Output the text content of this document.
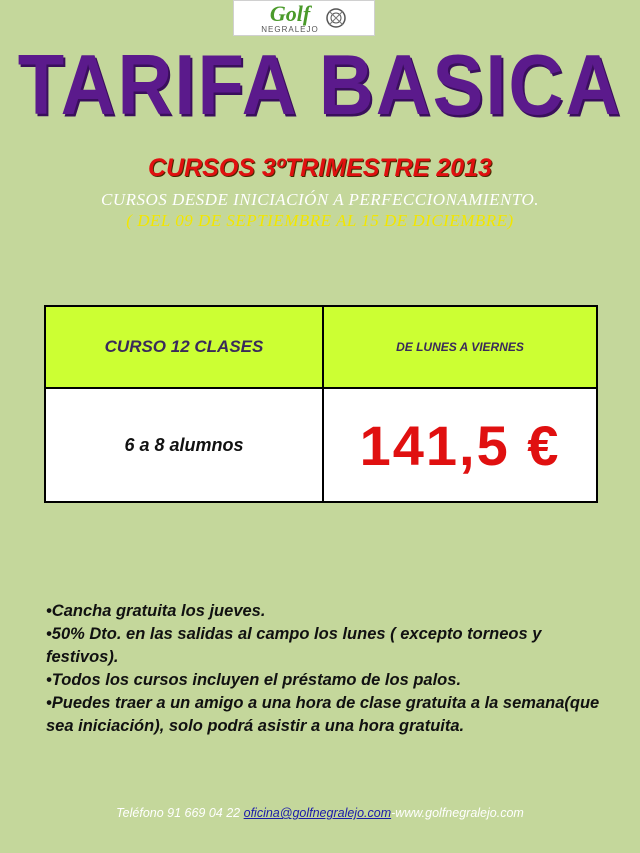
Golf
NEGRALEJO
TARIFA BASICA
CURSOS 3ºTRIMESTRE 2013
CURSOS DESDE INICIACIÓN A PERFECCIONAMIENTO.
( DEL 09 DE SEPTIEMBRE AL 15 DE DICIEMBRE)
CURSO 12 CLASES	DE LUNES A VIERNES
6 a 8 alumnos	141,5 €

•Cancha gratuita los jueves.

•50% Dto. en las salidas al campo los lunes ( excepto torneos y festivos).

•Todos los cursos incluyen el préstamo de los palos.

•Puedes traer a un amigo a una hora de clase gratuita a la semana(que sea iniciación), solo podrá asistir a una hora gratuita.

Teléfono 91 669 04 22 oficina@golfnegralejo.com-www.golfnegralejo.com
